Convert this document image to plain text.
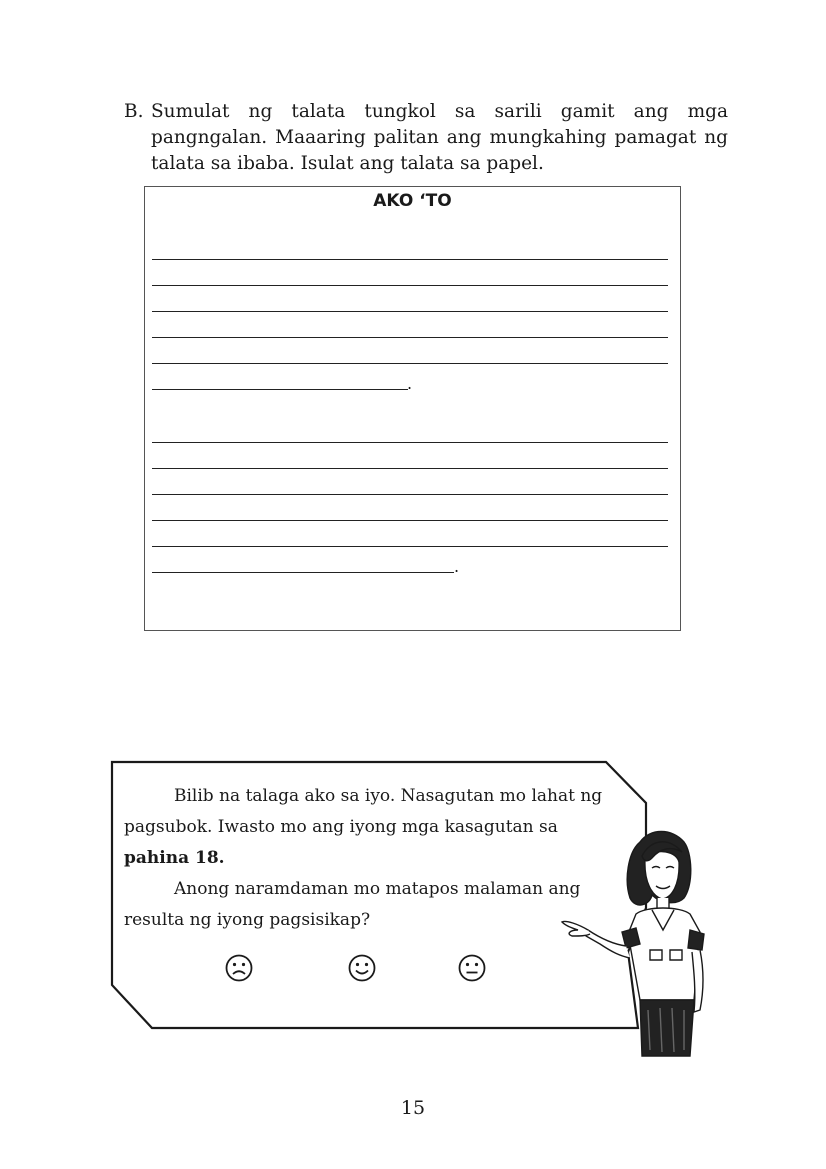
B. Sumulat ng talata tungkol sa sarili gamit ang mga pangngalan. Maaaring palitan ang mungkahing pamagat ng talata sa ibaba. Isulat ang talata sa papel.
AKO ‘TO
.
.
Bilib na talaga ako sa iyo. Nasagutan mo lahat ng
pagsubok. Iwasto mo ang iyong mga kasagutan sa
pahina 18.
Anong naramdaman mo matapos malaman ang
resulta ng iyong pagsisikap?
15
